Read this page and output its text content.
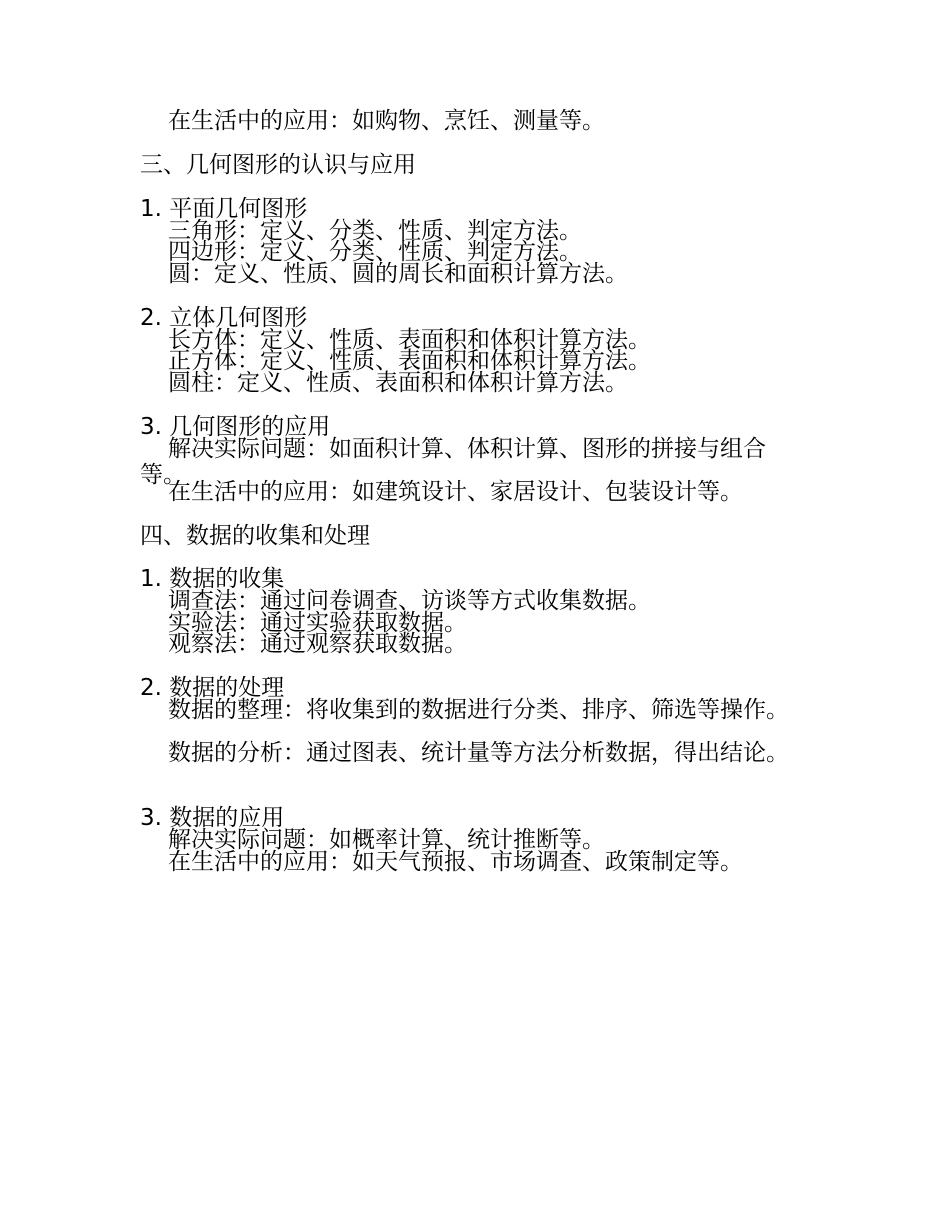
在生活中的应用：如购物、烹饪、测量等。
三、几何图形的认识与应用
1. 平面几何图形
三角形：定义、分类、性质、判定方法。
四边形：定义、分类、性质、判定方法。
圆：定义、性质、圆的周长和面积计算方法。
2. 立体几何图形
长方体：定义、性质、表面积和体积计算方法。
正方体：定义、性质、表面积和体积计算方法。
圆柱：定义、性质、表面积和体积计算方法。
3. 几何图形的应用
解决实际问题：如面积计算、体积计算、图形的拼接与组合等。
在生活中的应用：如建筑设计、家居设计、包装设计等。
四、数据的收集和处理
1. 数据的收集
调查法：通过问卷调查、访谈等方式收集数据。
实验法：通过实验获取数据。
观察法：通过观察获取数据。
2. 数据的处理
数据的整理：将收集到的数据进行分类、排序、筛选等操作。
数据的分析：通过图表、统计量等方法分析数据，得出结论。
3. 数据的应用
解决实际问题：如概率计算、统计推断等。
在生活中的应用：如天气预报、市场调查、政策制定等。
